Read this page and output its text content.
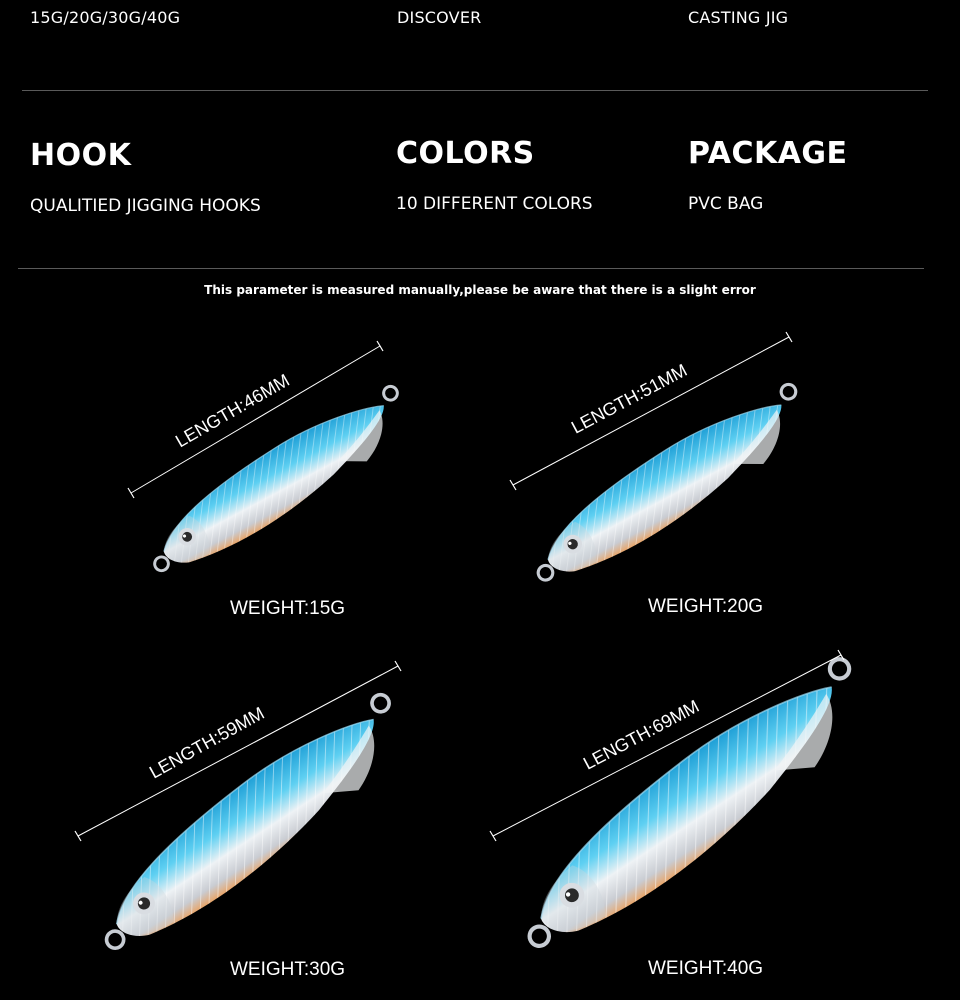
15G/20G/30G/40G	DISCOVER	CASTING JIG
HOOK
QUALITIED JIGGING HOOKS
COLORS
10 DIFFERENT COLORS
PACKAGE
PVC BAG
This parameter is measured manually,please be aware that there is a slight error
LENGTH:46MM	LENGTH:51MM
LENGTH:59MM	LENGTH:69MM
WEIGHT:15G	WEIGHT:20G
WEIGHT:30G	WEIGHT:40G
